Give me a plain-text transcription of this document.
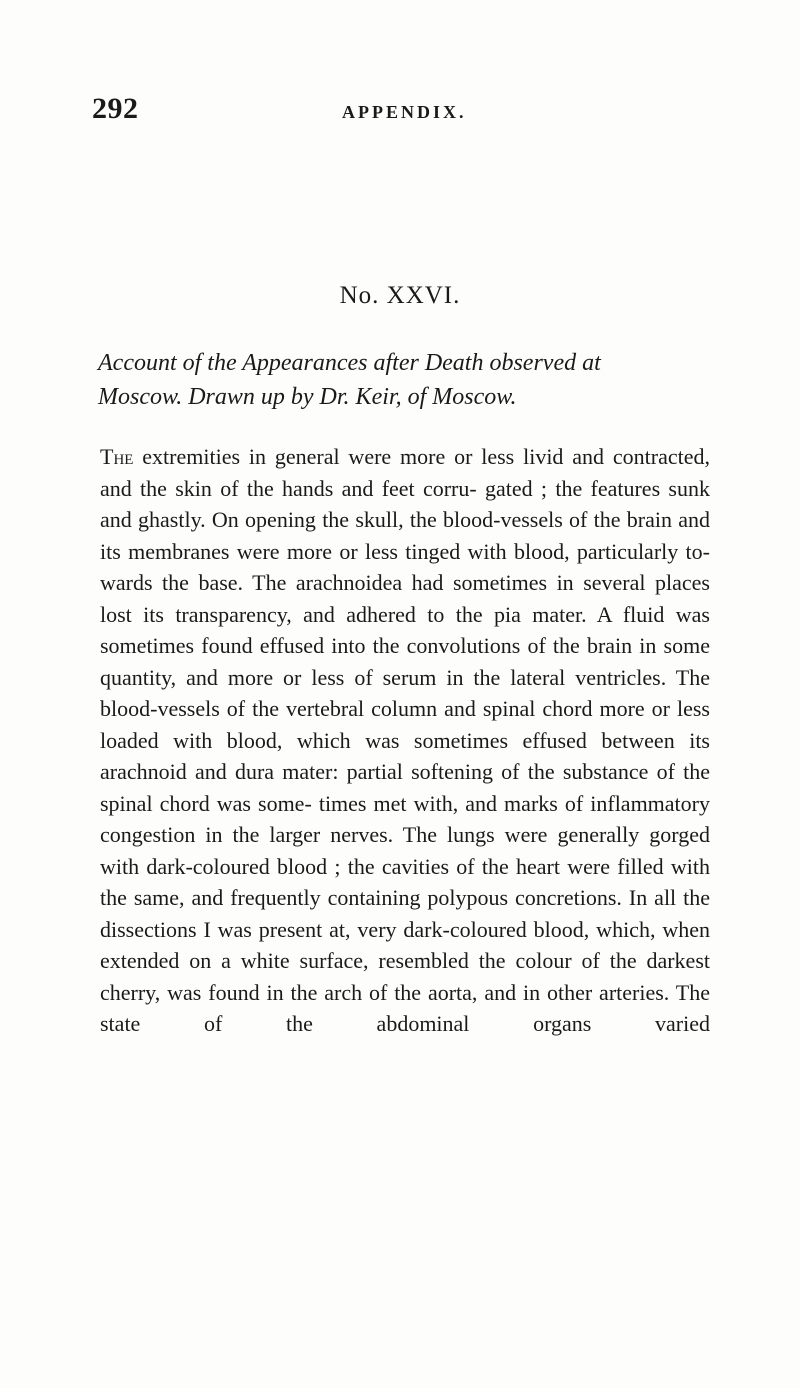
292	APPENDIX.
No. XXVI.
Account of the Appearances after Death observed at
Moscow. Drawn up by Dr. Keir, of Moscow.
The extremities in general were more or less livid and contracted, and the skin of the hands and feet corru- gated ; the features sunk and ghastly. On opening the skull, the blood-vessels of the brain and its membranes were more or less tinged with blood, particularly to- wards the base. The arachnoidea had sometimes in several places lost its transparency, and adhered to the pia mater. A fluid was sometimes found effused into the convolutions of the brain in some quantity, and more or less of serum in the lateral ventricles. The blood-vessels of the vertebral column and spinal chord more or less loaded with blood, which was sometimes effused between its arachnoid and dura mater: partial softening of the substance of the spinal chord was some- times met with, and marks of inflammatory congestion in the larger nerves. The lungs were generally gorged with dark-coloured blood ; the cavities of the heart were filled with the same, and frequently containing polypous concretions. In all the dissections I was present at, very dark-coloured blood, which, when extended on a white surface, resembled the colour of the darkest cherry, was found in the arch of the aorta, and in other arteries. The state of the abdominal organs varied
